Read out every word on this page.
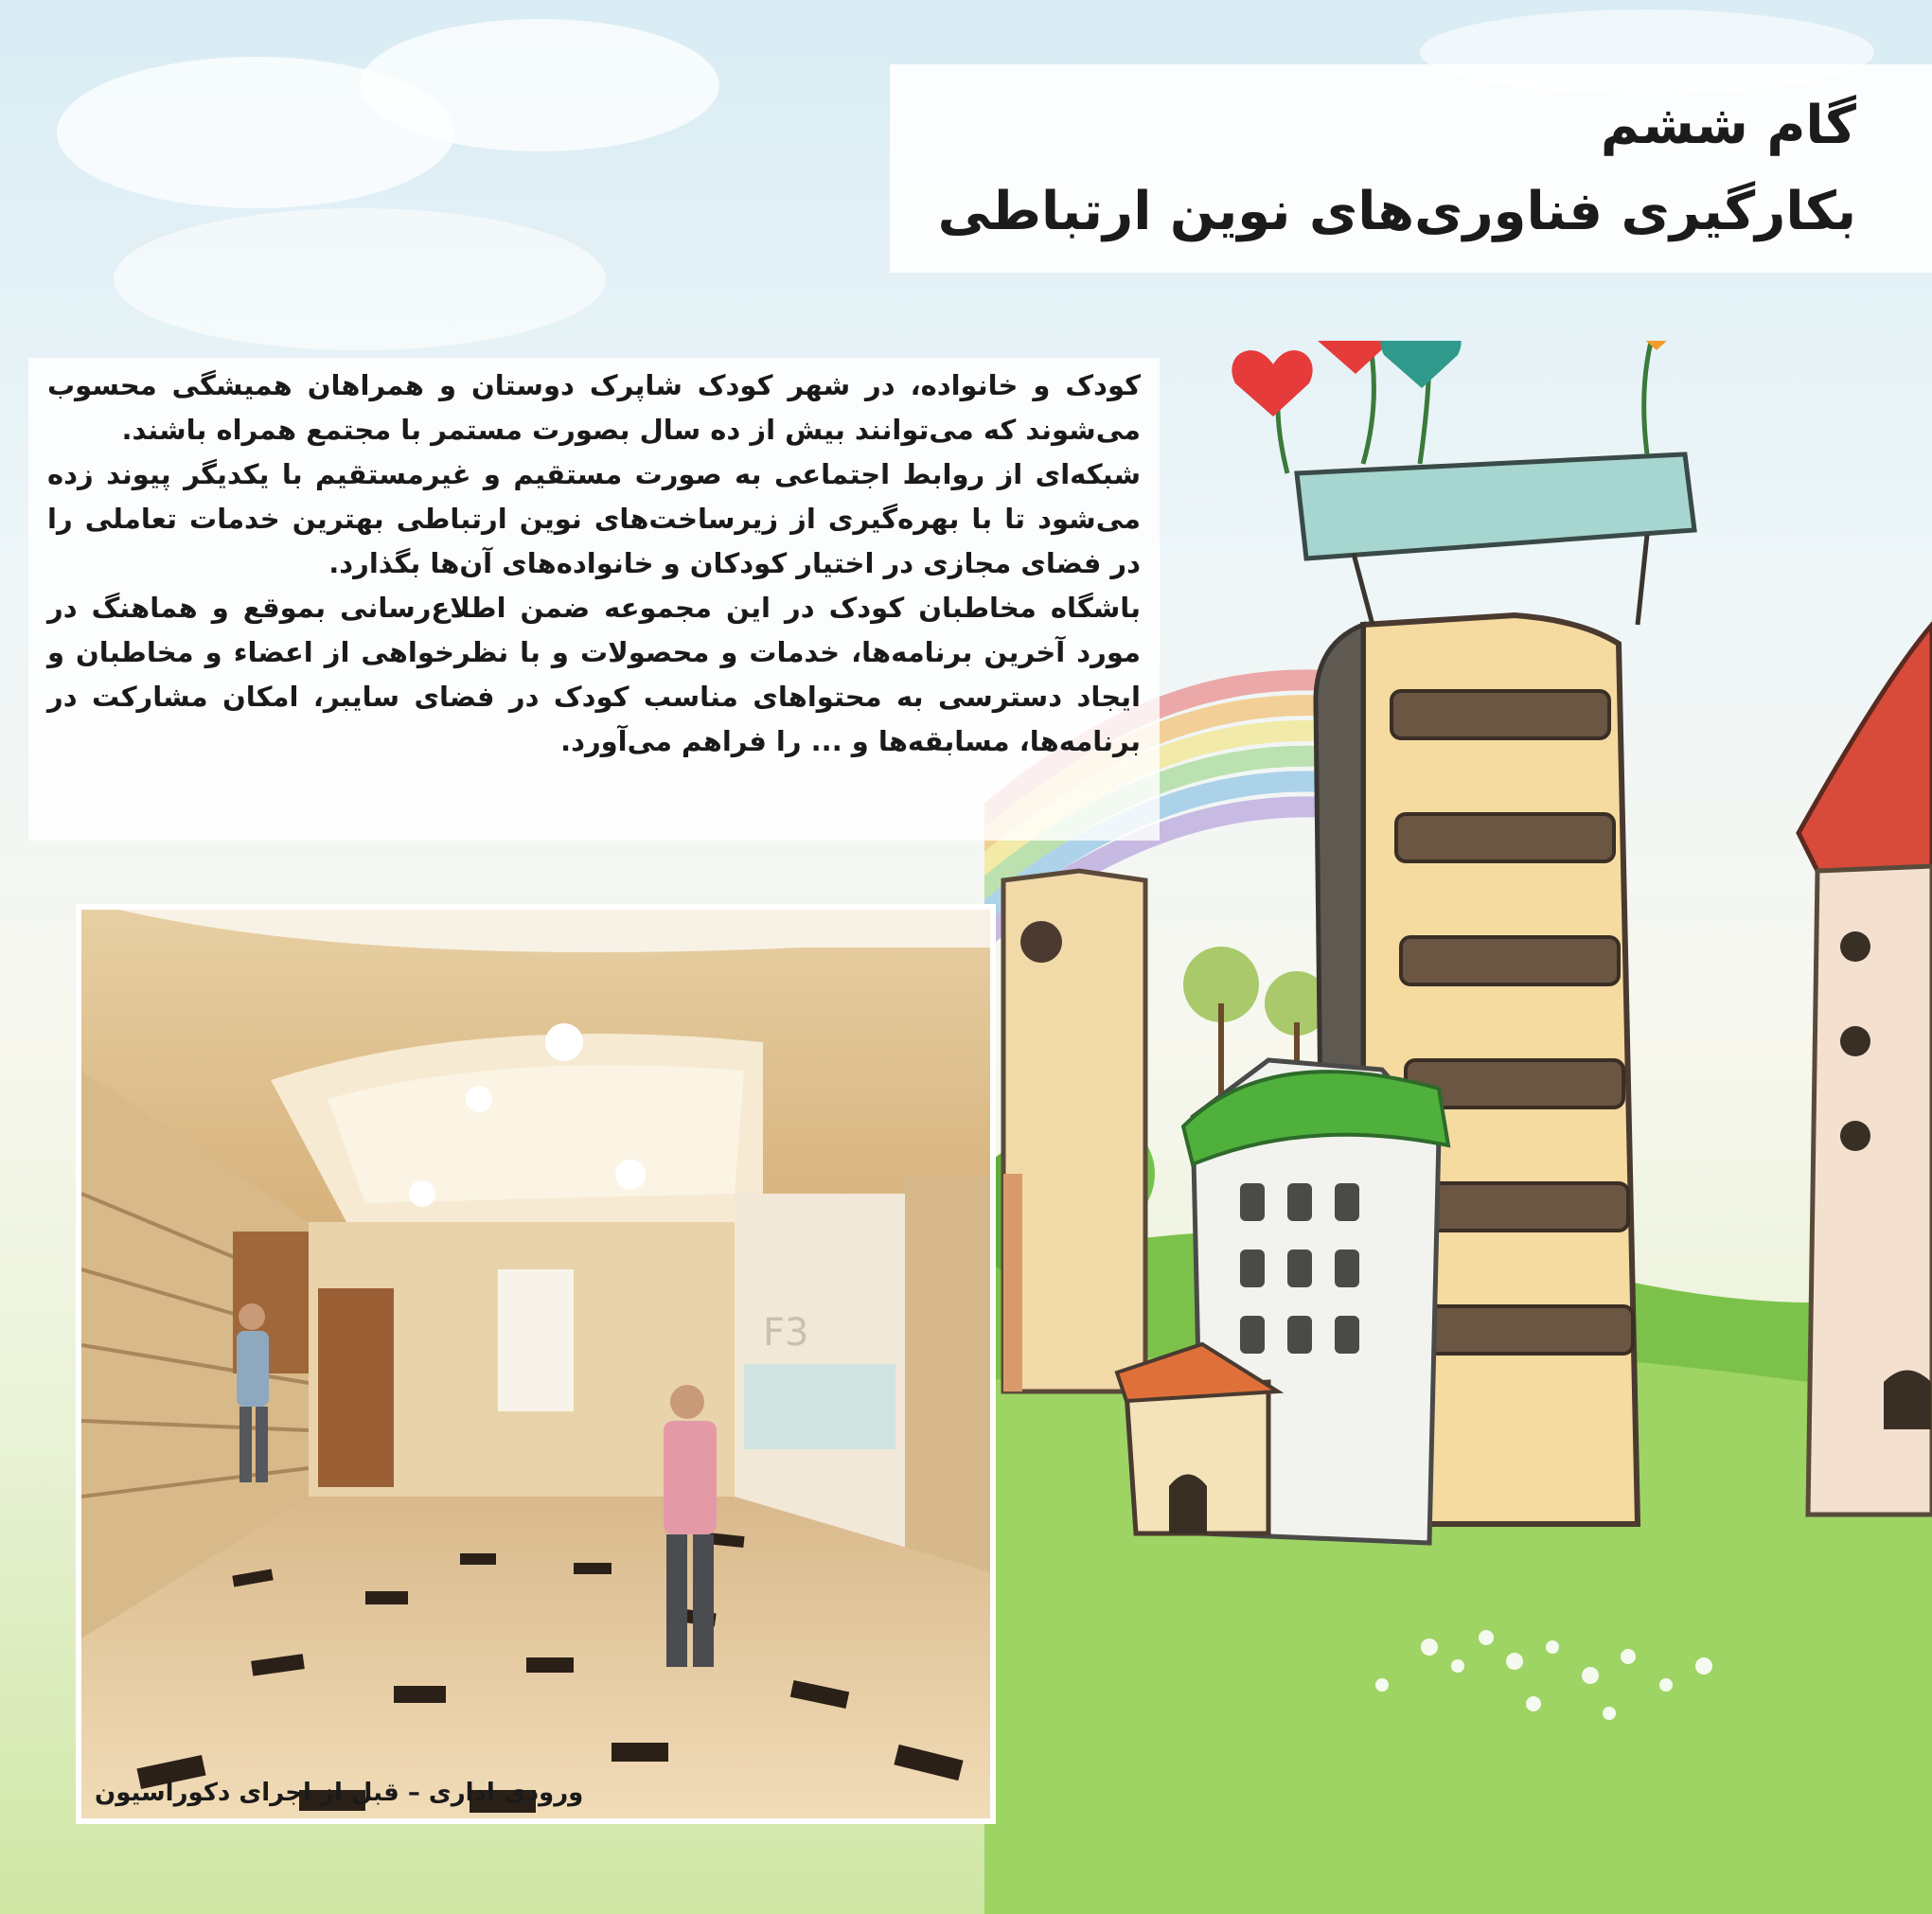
گام ششم
بکارگیری فناوری‌های نوین ارتباطی

کودک و خانواده، در شهر کودک شاپرک دوستان و همراهان همیشگی محسوب می‌شوند که می‌توانند بیش از ده سال بصورت مستمر با مجتمع همراه باشند.

شبکه‌ای از روابط اجتماعی به صورت مستقیم و غیرمستقیم با یکدیگر پیوند زده می‌شود تا با بهره‌گیری از زیرساخت‌های نوین ارتباطی بهترین خدمات تعاملی را در فضای مجازی در اختیار کودکان و خانواده‌های آن‌ها بگذارد.

باشگاه مخاطبان کودک در این مجموعه ضمن اطلاع‌رسانی بموقع و هماهنگ در مورد آخرین برنامه‌ها، خدمات و محصولات و با نظرخواهی از اعضاء و مخاطبان و ایجاد دسترسی به محتواهای مناسب کودک در فضای سایبر، امکان مشارکت در برنامه‌ها، مسابقه‌ها و ... را فراهم می‌آورد.

F3
ورودی اداری – قبل از اجرای دکوراسیون
